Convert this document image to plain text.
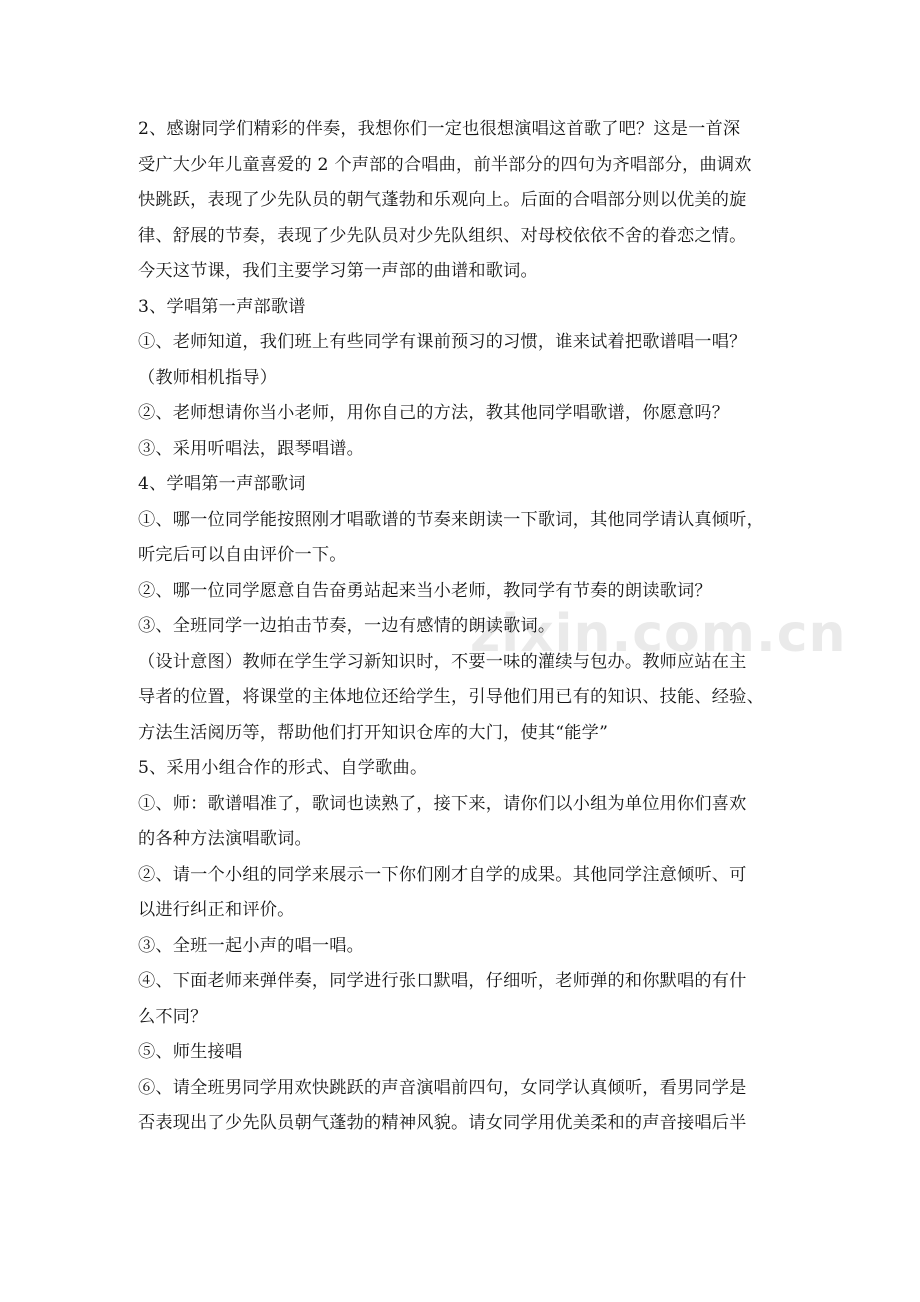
zixin.com.cn
2、感谢同学们精彩的伴奏，我想你们一定也很想演唱这首歌了吧？这是一首深
受广大少年儿童喜爱的 2 个声部的合唱曲，前半部分的四句为齐唱部分，曲调欢
快跳跃，表现了少先队员的朝气蓬勃和乐观向上。后面的合唱部分则以优美的旋
律、舒展的节奏，表现了少先队员对少先队组织、对母校依依不舍的眷恋之情。
今天这节课，我们主要学习第一声部的曲谱和歌词。
3、学唱第一声部歌谱
①、老师知道，我们班上有些同学有课前预习的习惯，谁来试着把歌谱唱一唱？
（教师相机指导）
②、老师想请你当小老师，用你自己的方法，教其他同学唱歌谱，你愿意吗？
③、采用听唱法，跟琴唱谱。
4、学唱第一声部歌词
①、哪一位同学能按照刚才唱歌谱的节奏来朗读一下歌词，其他同学请认真倾听，
听完后可以自由评价一下。
②、哪一位同学愿意自告奋勇站起来当小老师，教同学有节奏的朗读歌词？
③、全班同学一边拍击节奏，一边有感情的朗读歌词。
（设计意图）教师在学生学习新知识时，不要一味的灌续与包办。教师应站在主
导者的位置，将课堂的主体地位还给学生，引导他们用已有的知识、技能、经验、
方法生活阅历等，帮助他们打开知识仓库的大门，使其“能学”
5、采用小组合作的形式、自学歌曲。
①、师：歌谱唱准了，歌词也读熟了，接下来，请你们以小组为单位用你们喜欢
的各种方法演唱歌词。
②、请一个小组的同学来展示一下你们刚才自学的成果。其他同学注意倾听、可
以进行纠正和评价。
③、全班一起小声的唱一唱。
④、下面老师来弹伴奏，同学进行张口默唱，仔细听，老师弹的和你默唱的有什
么不同？
⑤、师生接唱
⑥、请全班男同学用欢快跳跃的声音演唱前四句，女同学认真倾听，看男同学是
否表现出了少先队员朝气蓬勃的精神风貌。请女同学用优美柔和的声音接唱后半
